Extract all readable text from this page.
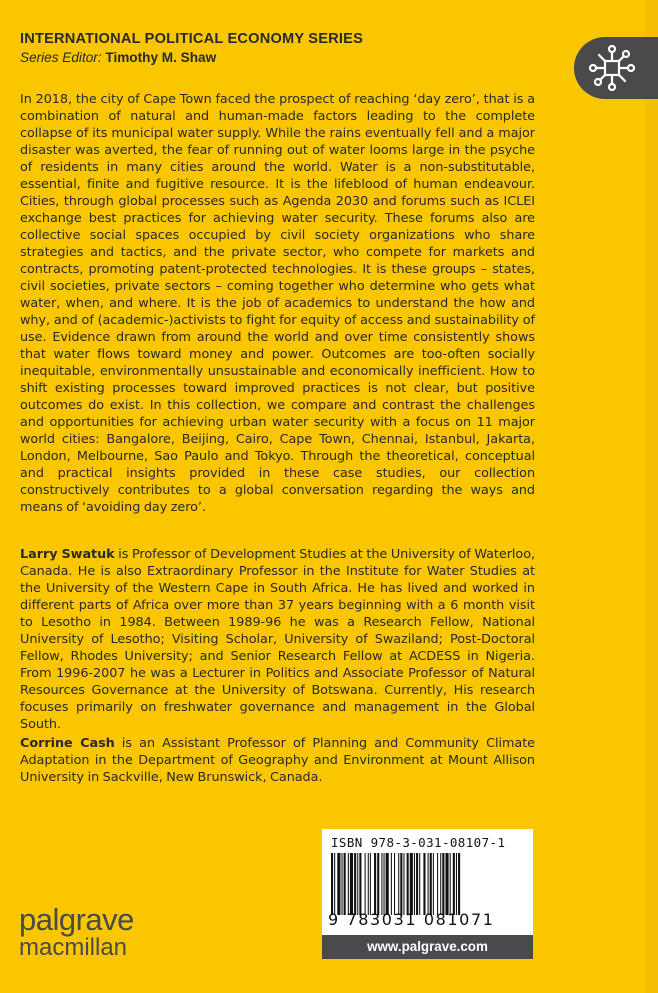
INTERNATIONAL POLITICAL ECONOMY SERIES
Series Editor: Timothy M. Shaw
In 2018, the city of Cape Town faced the prospect of reaching ‘day zero’, that is a combination of natural and human-made factors leading to the complete collapse of its municipal water supply. While the rains eventually fell and a major disaster was averted, the fear of running out of water looms large in the psyche of residents in many cities around the world. Water is a non-substitutable, essential, finite and fugitive resource. It is the lifeblood of human endeavour. Cities, through global processes such as Agenda 2030 and forums such as ICLEI exchange best practices for achieving water security. These forums also are collective social spaces occupied by civil society organizations who share strategies and tactics, and the private sector, who compete for markets and contracts, promoting patent-protected technologies. It is these groups – states, civil societies, private sectors – coming together who determine who gets what water, when, and where. It is the job of academics to understand the how and why, and of (academic-)activists to fight for equity of access and sustainability of use. Evidence drawn from around the world and over time consistently shows that water flows toward money and power. Outcomes are too-often socially inequitable, environmentally unsustainable and economically inefficient. How to shift existing processes toward improved practices is not clear, but positive outcomes do exist. In this collection, we compare and contrast the challenges and opportunities for achieving urban water security with a focus on 11 major world cities: Bangalore, Beijing, Cairo, Cape Town, Chennai, Istanbul, Jakarta, London, Melbourne, Sao Paulo and Tokyo. Through the theoretical, conceptual and practical insights provided in these case studies, our collection constructively contributes to a global conversation regarding the ways and means of ‘avoiding day zero’.
Larry Swatuk is Professor of Development Studies at the University of Waterloo, Canada. He is also Extraordinary Professor in the Institute for Water Studies at the University of the Western Cape in South Africa. He has lived and worked in different parts of Africa over more than 37 years beginning with a 6 month visit to Lesotho in 1984. Between 1989-96 he was a Research Fellow, National University of Lesotho; Visiting Scholar, University of Swaziland; Post-Doctoral Fellow, Rhodes University; and Senior Research Fellow at ACDESS in Nigeria. From 1996-2007 he was a Lecturer in Politics and Associate Professor of Natural Resources Governance at the University of Botswana. Currently, His research focuses primarily on freshwater governance and management in the Global South.
Corrine Cash is an Assistant Professor of Planning and Community Climate Adaptation in the Department of Geography and Environment at Mount Allison University in Sackville, New Brunswick, Canada.
ISBN 978-3-031-08107-1
9 783031 081071
www.palgrave.com
palgrave
macmillan
